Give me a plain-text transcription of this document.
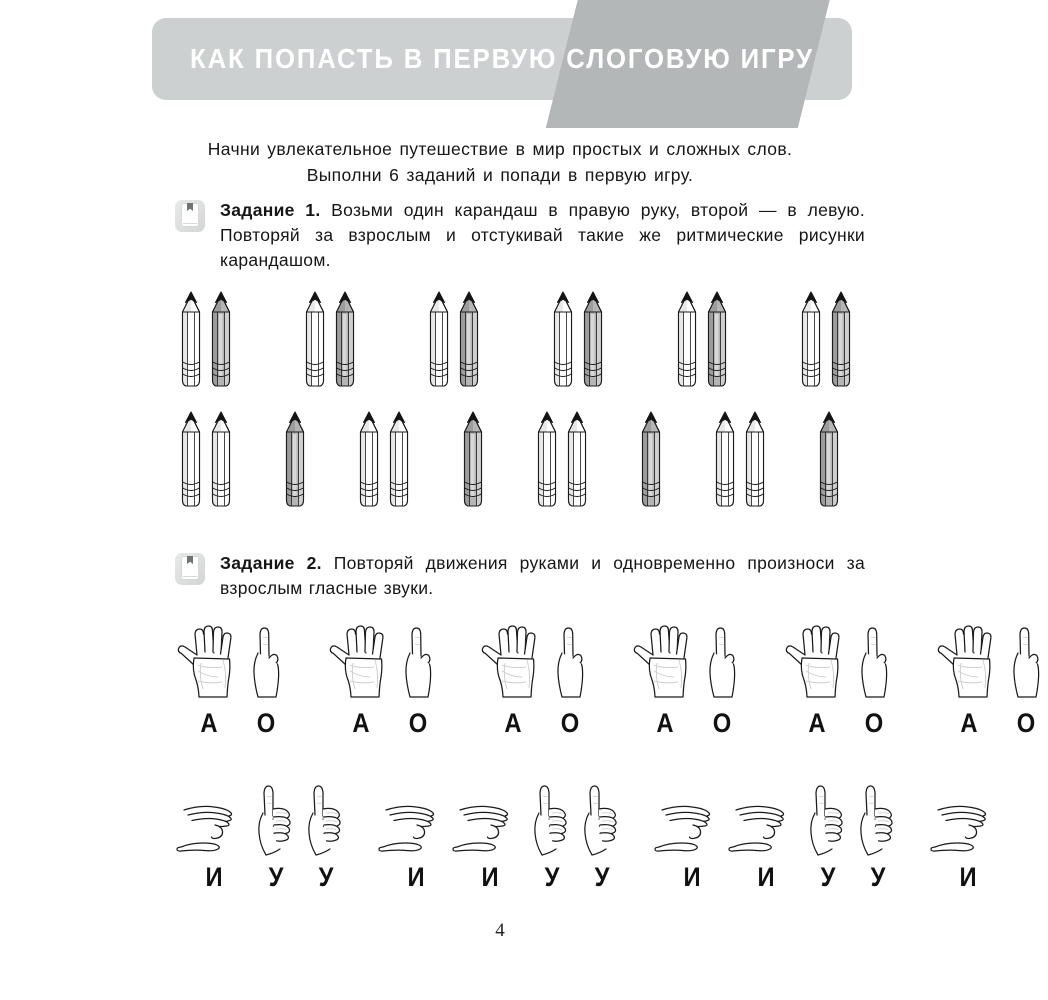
КАК ПОПАСТЬ В ПЕРВУЮ СЛОГОВУЮ ИГРУ
Начни увлекательное путешествие в мир простых и сложных слов.
Выполни 6 заданий и попади в первую игру.
Задание 1. Возьми один карандаш в правую руку, второй — в левую. Повторяй за взрослым и отстукивай такие же ритмические рисунки карандашом.
Задание 2. Повторяй движения руками и одновременно произноси за взрослым гласные звуки.
А	О	А	О	А	О	А	О	А	О	А	О
И	У	У	И	И	У	У	И	И	У	У	И
4
